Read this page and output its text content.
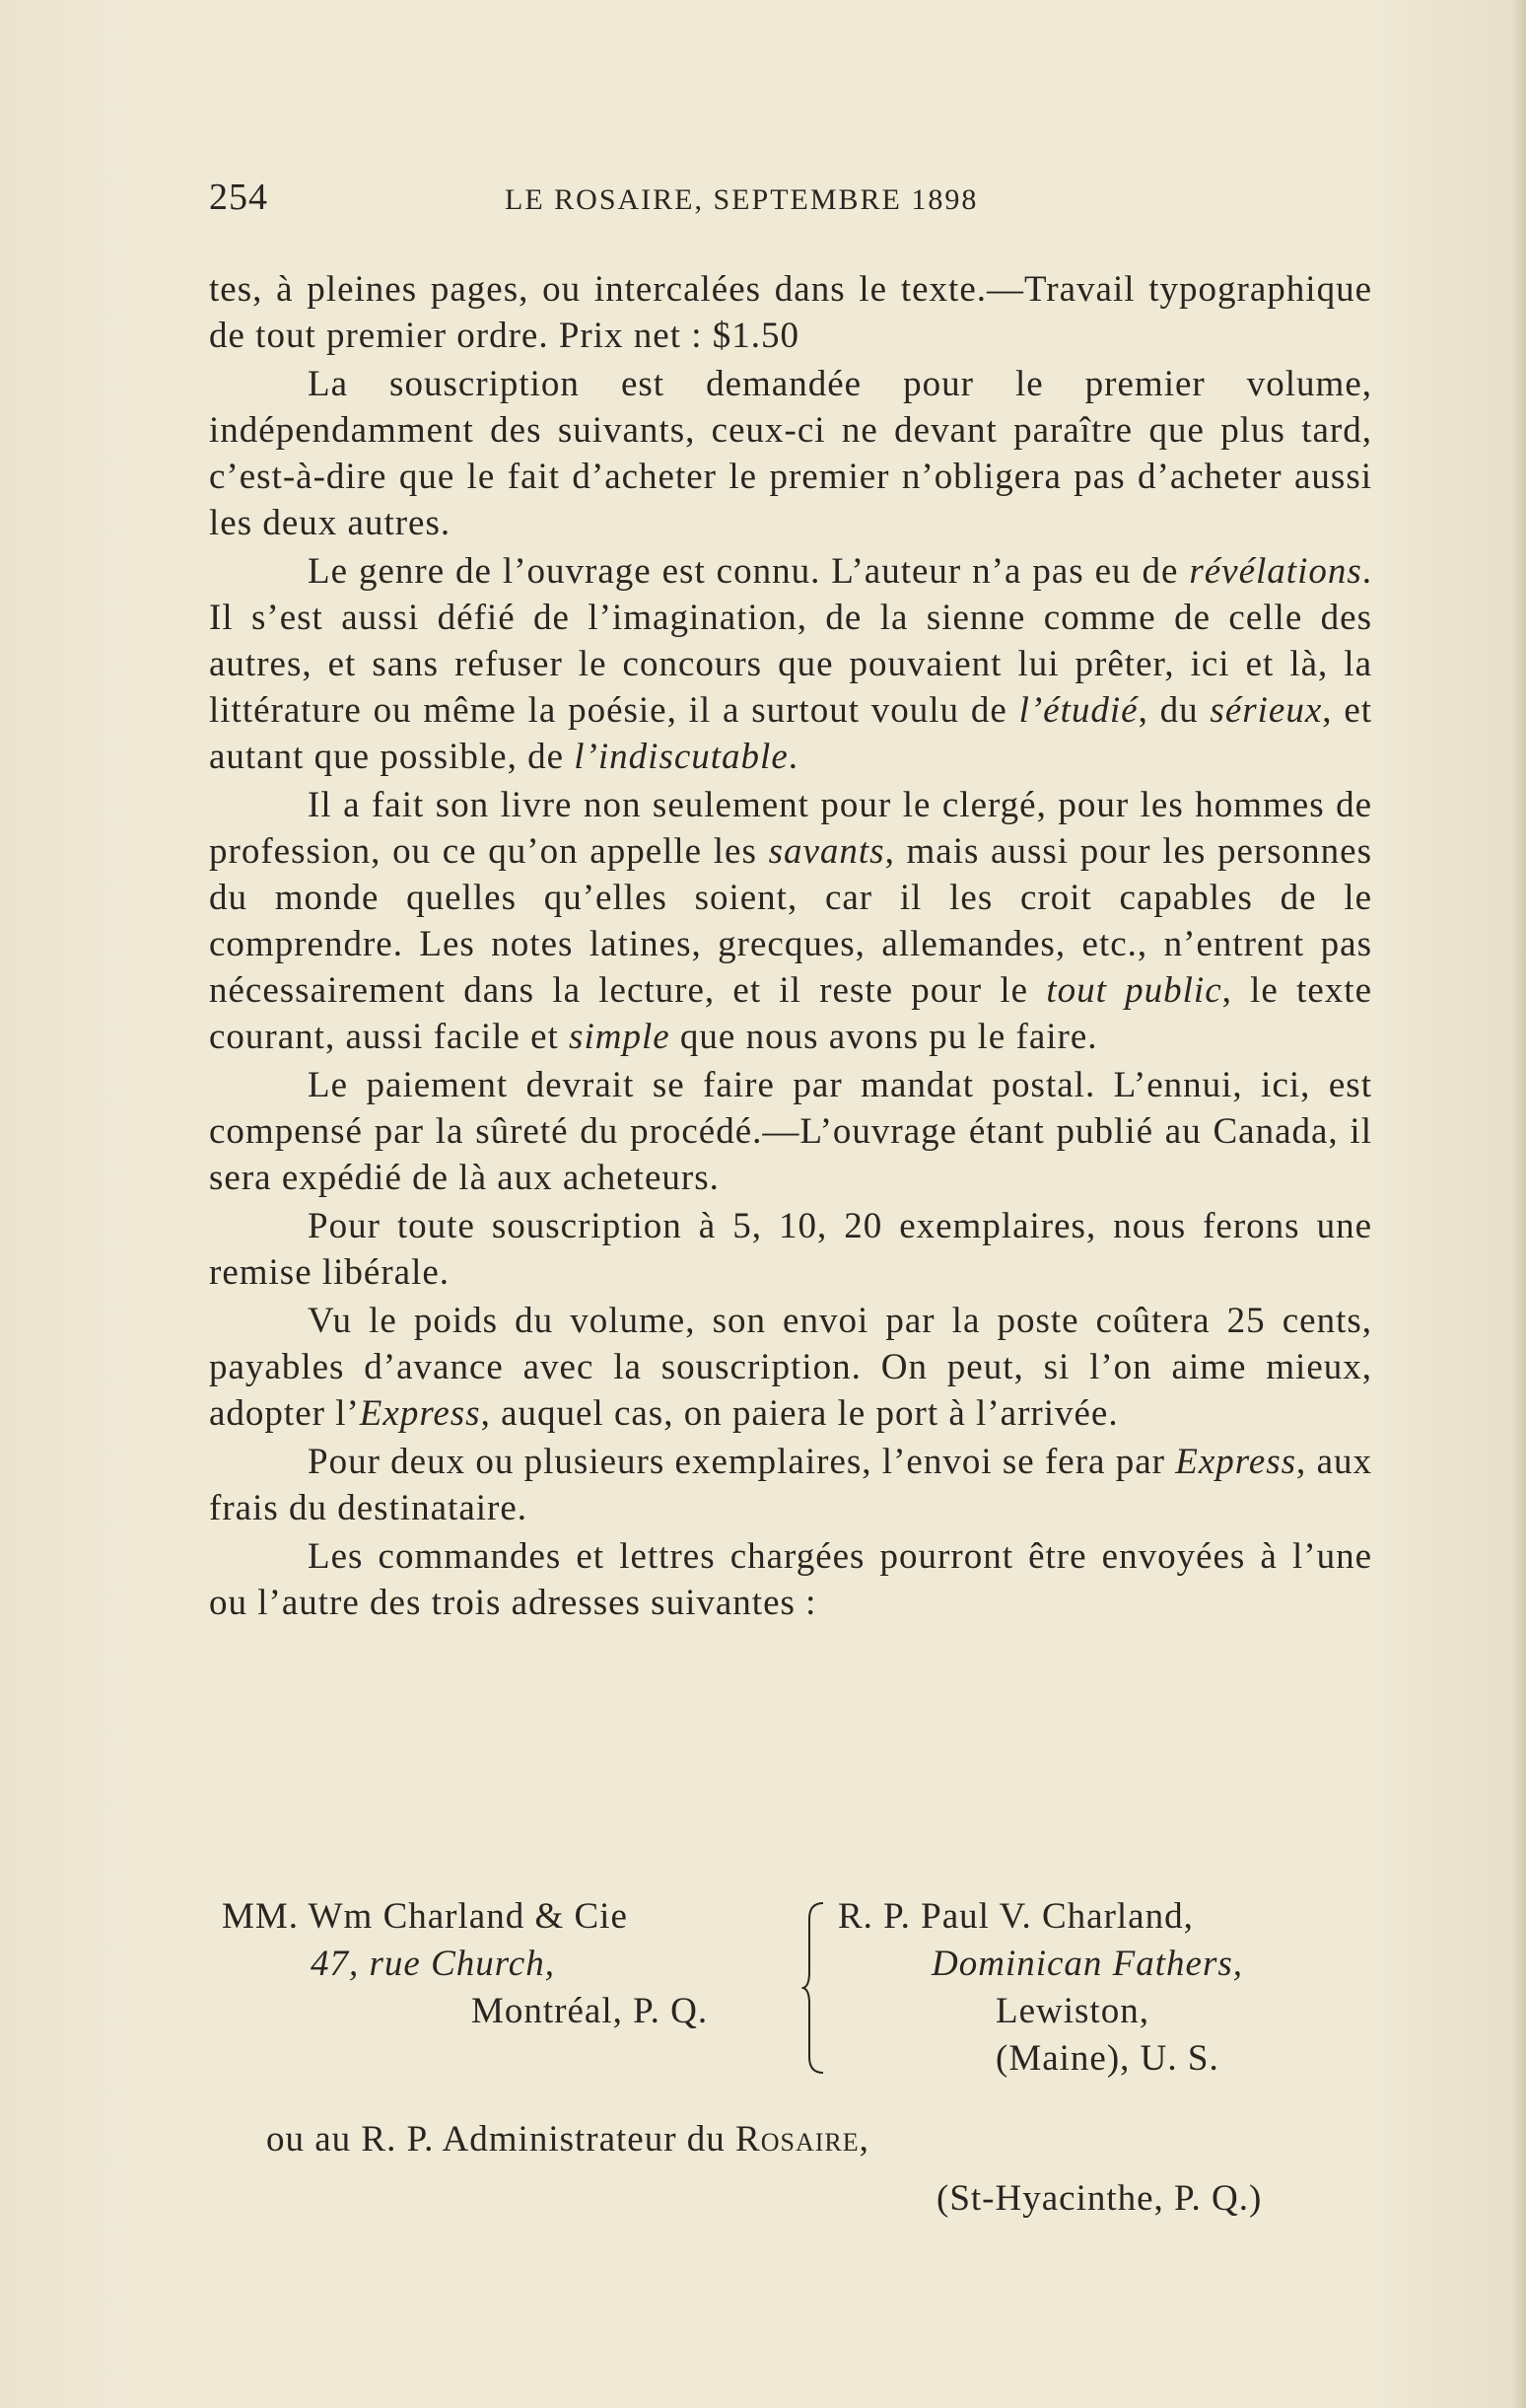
254	LE ROSAIRE, SEPTEMBRE 1898

tes, à pleines pages, ou intercalées dans le texte.—Travail typographique de tout premier ordre. Prix net : $1.50

La souscription est demandée pour le premier volume, indépendamment des suivants, ceux-ci ne devant paraître que plus tard, c’est-à-dire que le fait d’acheter le premier n’obligera pas d’acheter aussi les deux autres.

Le genre de l’ouvrage est connu. L’auteur n’a pas eu de révélations. Il s’est aussi défié de l’imagination, de la sienne comme de celle des autres, et sans refuser le concours que pouvaient lui prêter, ici et là, la littérature ou même la poésie, il a surtout voulu de l’étudié, du sérieux, et autant que possible, de l’indiscutable.

Il a fait son livre non seulement pour le clergé, pour les hommes de profession, ou ce qu’on appelle les savants, mais aussi pour les personnes du monde quelles qu’elles soient, car il les croit capables de le comprendre. Les notes latines, grecques, allemandes, etc., n’entrent pas nécessairement dans la lecture, et il reste pour le tout public, le texte courant, aussi facile et simple que nous avons pu le faire.

Le paiement devrait se faire par mandat postal. L’ennui, ici, est compensé par la sûreté du procédé.—L’ouvrage étant publié au Canada, il sera expédié de là aux acheteurs.

Pour toute souscription à 5, 10, 20 exemplaires, nous ferons une remise libérale.

Vu le poids du volume, son envoi par la poste coûtera 25 cents, payables d’avance avec la souscription. On peut, si l’on aime mieux, adopter l’Express, auquel cas, on paiera le port à l’arrivée.

Pour deux ou plusieurs exemplaires, l’envoi se fera par Express, aux frais du destinataire.

Les commandes et lettres chargées pourront être envoyées à l’une ou l’autre des trois adresses suivantes :

MM. Wm Charland & Cie
47, rue Church,
Montréal, P. Q.
R. P. Paul V. Charland,
Dominican Fathers,
Lewiston,
(Maine), U. S.
ou au R. P. Administrateur du Rosaire,
(St-Hyacinthe, P. Q.)
